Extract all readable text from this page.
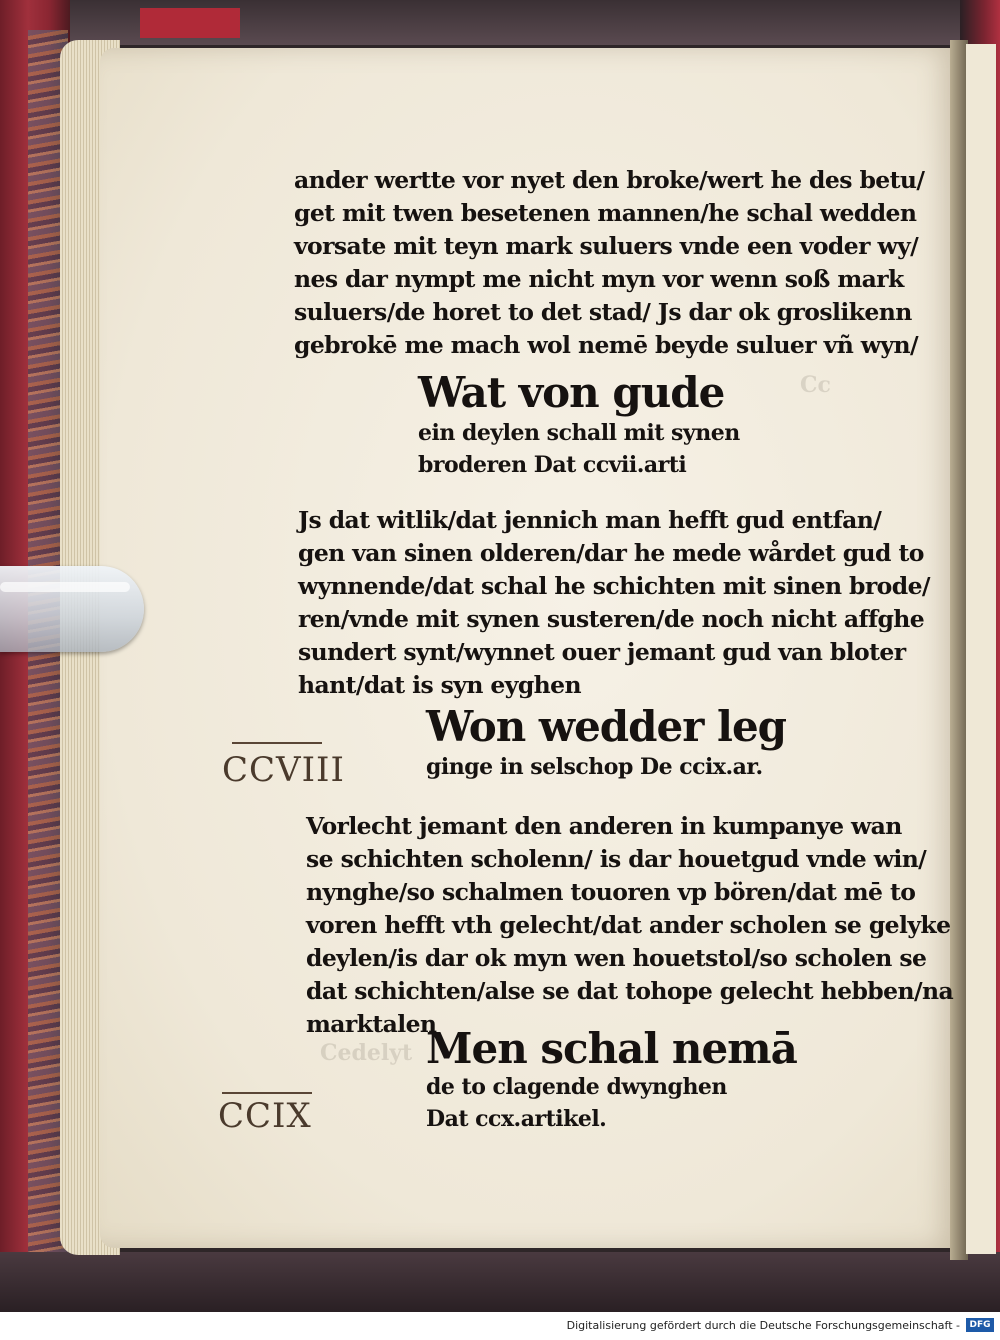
Cc
Cedelyt
ander wertte vor nyet den broke/wert he des betu/
get mit twen besetenen mannen/he schal wedden
vorsate mit teyn mark suluers vnde een voder wy/
nes dar nympt me nicht myn vor wenn soß mark
suluers/de horet to det stad/ Js dar ok groslikenn
gebrokē me mach wol nemē beyde suluer vñ wyn/
Wat von gude
ein deylen schall mit synen
broderen Dat ccvii.arti
Js dat witlik/dat jennich man hefft gud entfan/
gen van sinen olderen/dar he mede wårdet gud to
wynnende/dat schal he schichten mit sinen brode/
ren/vnde mit synen susteren/de noch nicht affghe
sundert synt/wynnet ouer jemant gud van bloter
hant/dat is syn eyghen
Won wedder leg
ginge in selschop De ccix.ar.
CCVIII
Vorlecht jemant den anderen in kumpanye wan
se schichten scholenn/ is dar houetgud vnde win/
nynghe/so schalmen touoren vp bören/dat mē to
voren hefft vth gelecht/dat ander scholen se gelyke
deylen/is dar ok myn wen houetstol/so scholen se
dat schichten/alse se dat tohope gelecht hebben/na
marktalen
Men schal nemā
de to clagende dwynghen
Dat ccx.artikel.
CCIX
Digitalisierung gefördert durch die Deutsche Forschungsgemeinschaft -	DFG
